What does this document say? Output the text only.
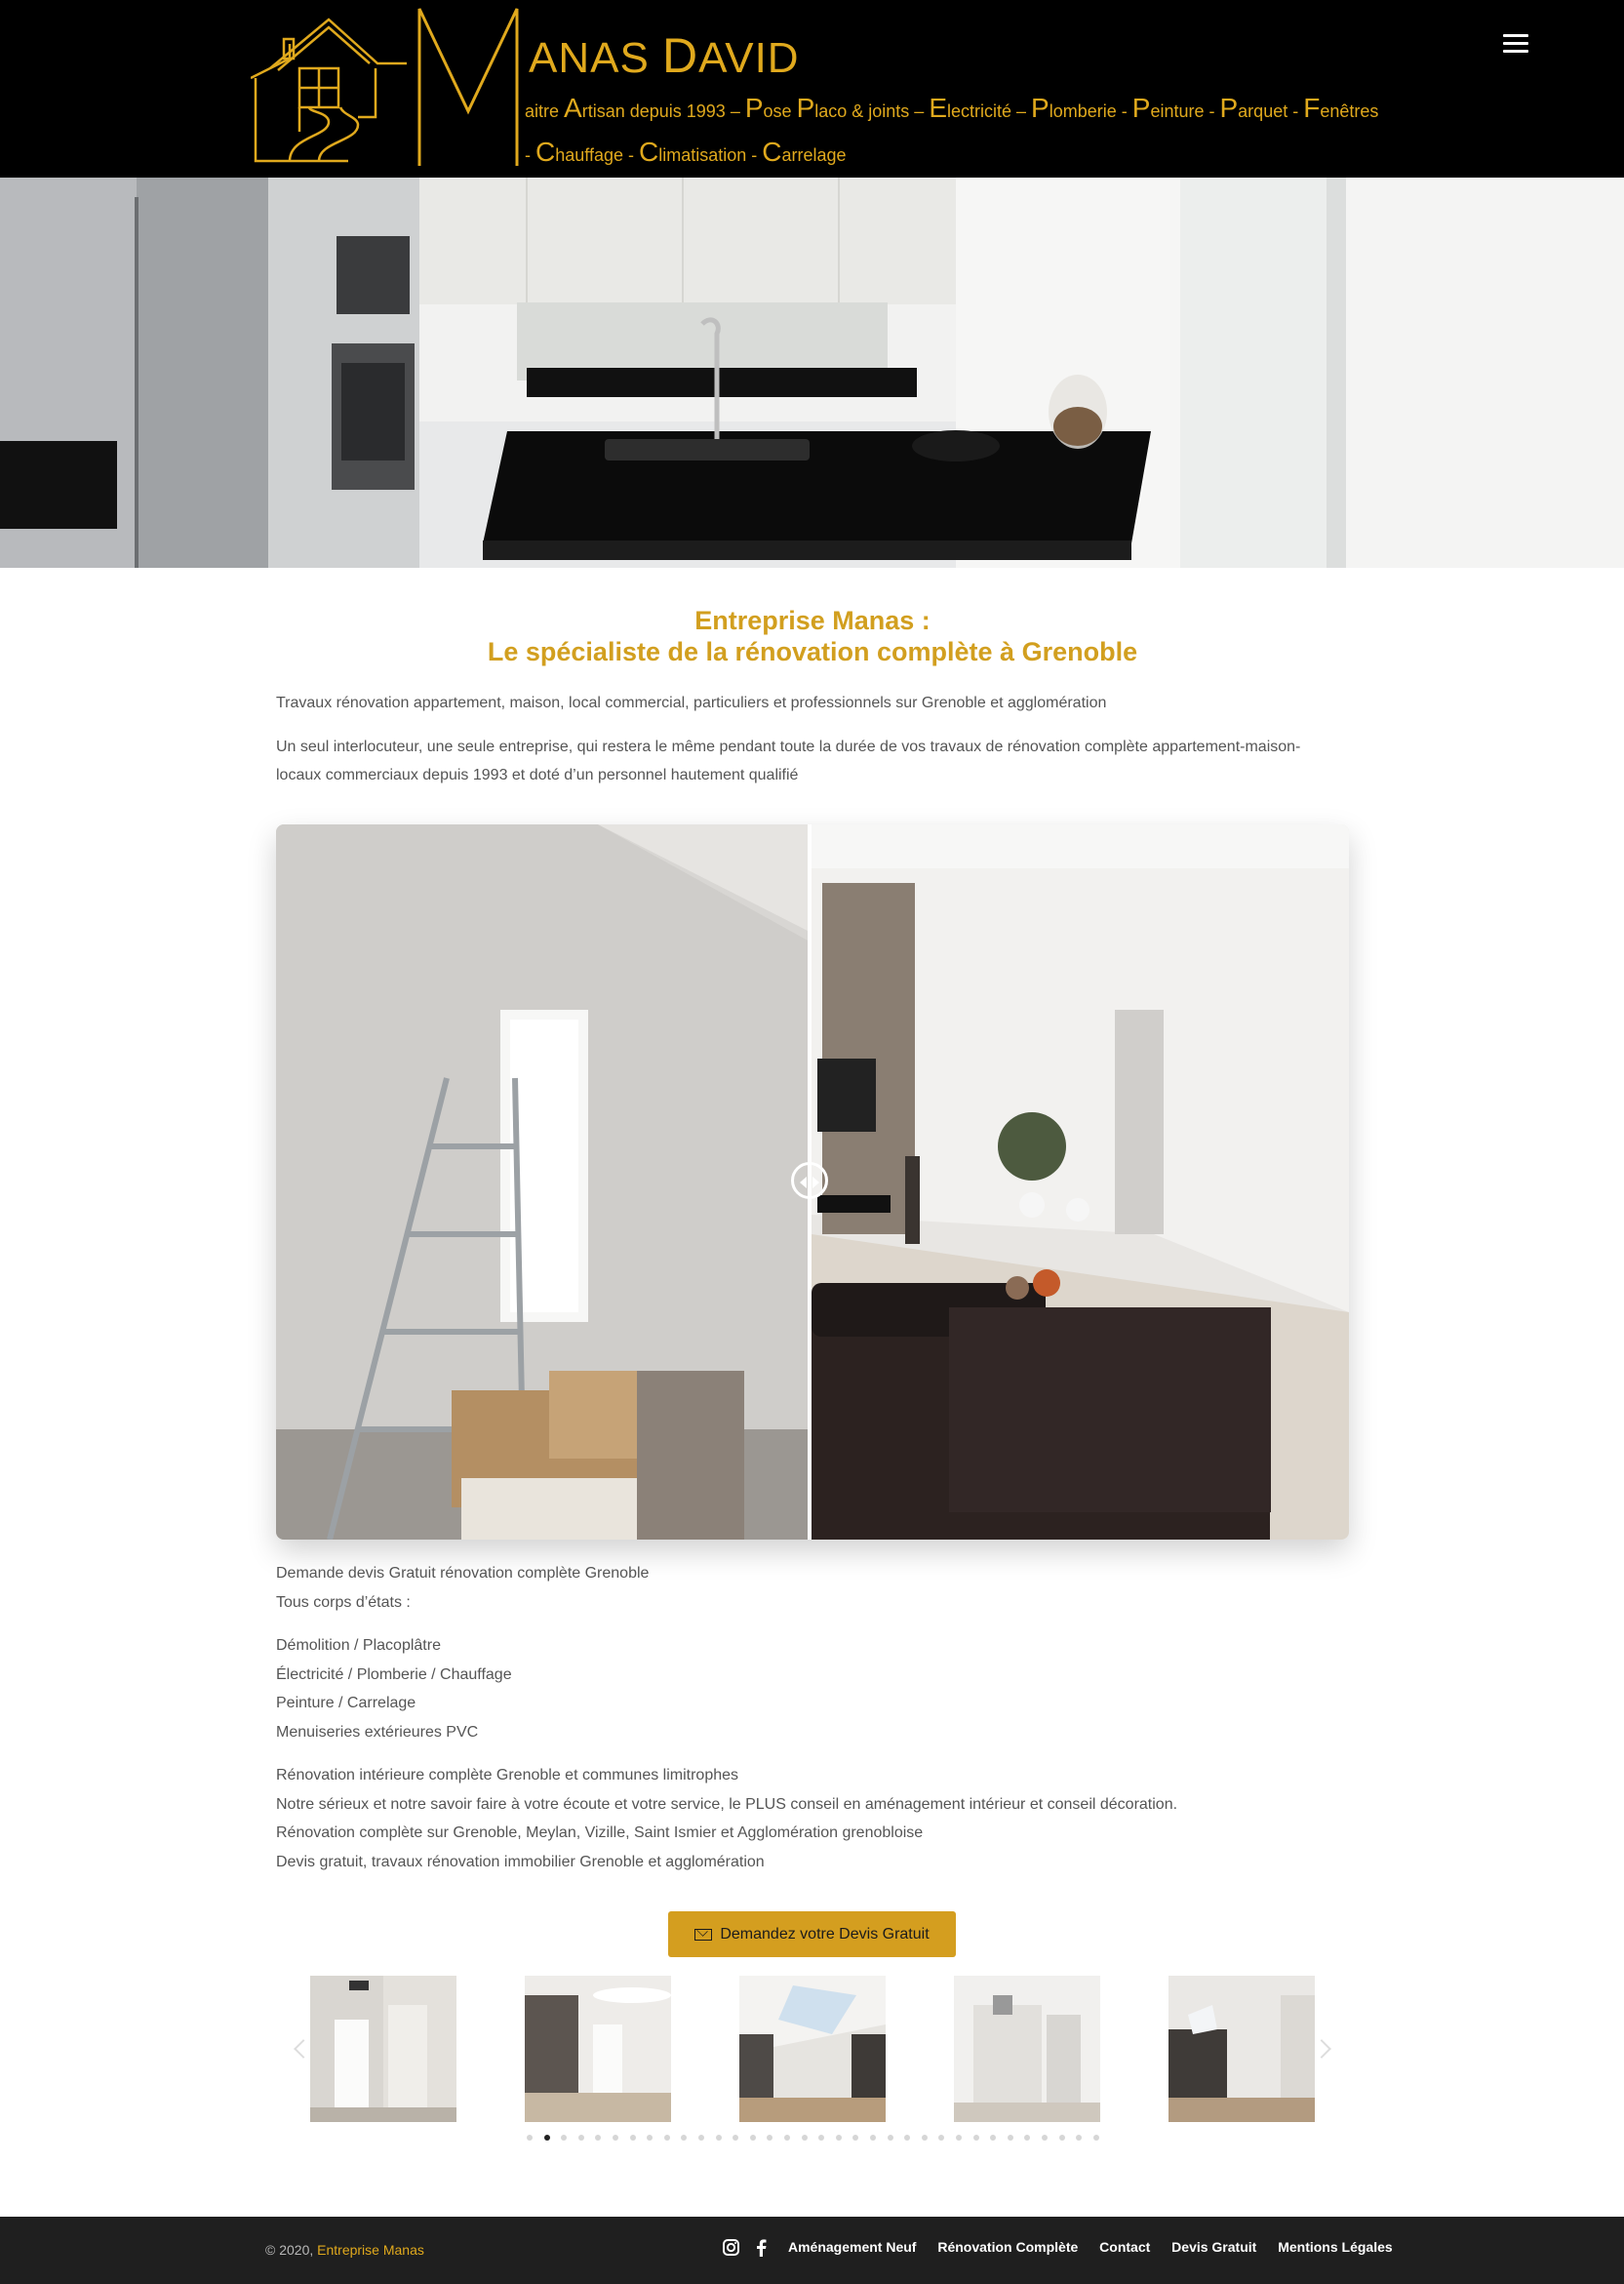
ANAS DAVID
aitre Artisan depuis 1993 – Pose Placo & joints – Electricité – Plomberie - Peinture - Parquet - Fenêtres - Chauffage - Climatisation - Carrelage
Entreprise Manas :
Le spécialiste de la rénovation complète à Grenoble
Travaux rénovation appartement, maison, local commercial, particuliers et professionnels sur Grenoble et agglomération
Un seul interlocuteur, une seule entreprise, qui restera le même pendant toute la durée de vos travaux de rénovation complète appartement-maison- locaux commerciaux depuis 1993 et doté d’un personnel hautement qualifié
Demande devis Gratuit rénovation complète Grenoble
Tous corps d’états :
Démolition / Placoplâtre
Électricité / Plomberie / Chauffage
Peinture / Carrelage
Menuiseries extérieures PVC
Rénovation intérieure complète Grenoble et communes limitrophes
Notre sérieux et notre savoir faire à votre écoute et votre service, le PLUS conseil en aménagement intérieur et conseil décoration.
Rénovation complète sur Grenoble, Meylan, Vizille, Saint Ismier et Agglomération grenobloise
Devis gratuit, travaux rénovation immobilier Grenoble et agglomération
Demandez votre Devis Gratuit
© 2020, Entreprise Manas	Aménagement Neuf Rénovation Complète Contact Devis Gratuit Mentions Légales
